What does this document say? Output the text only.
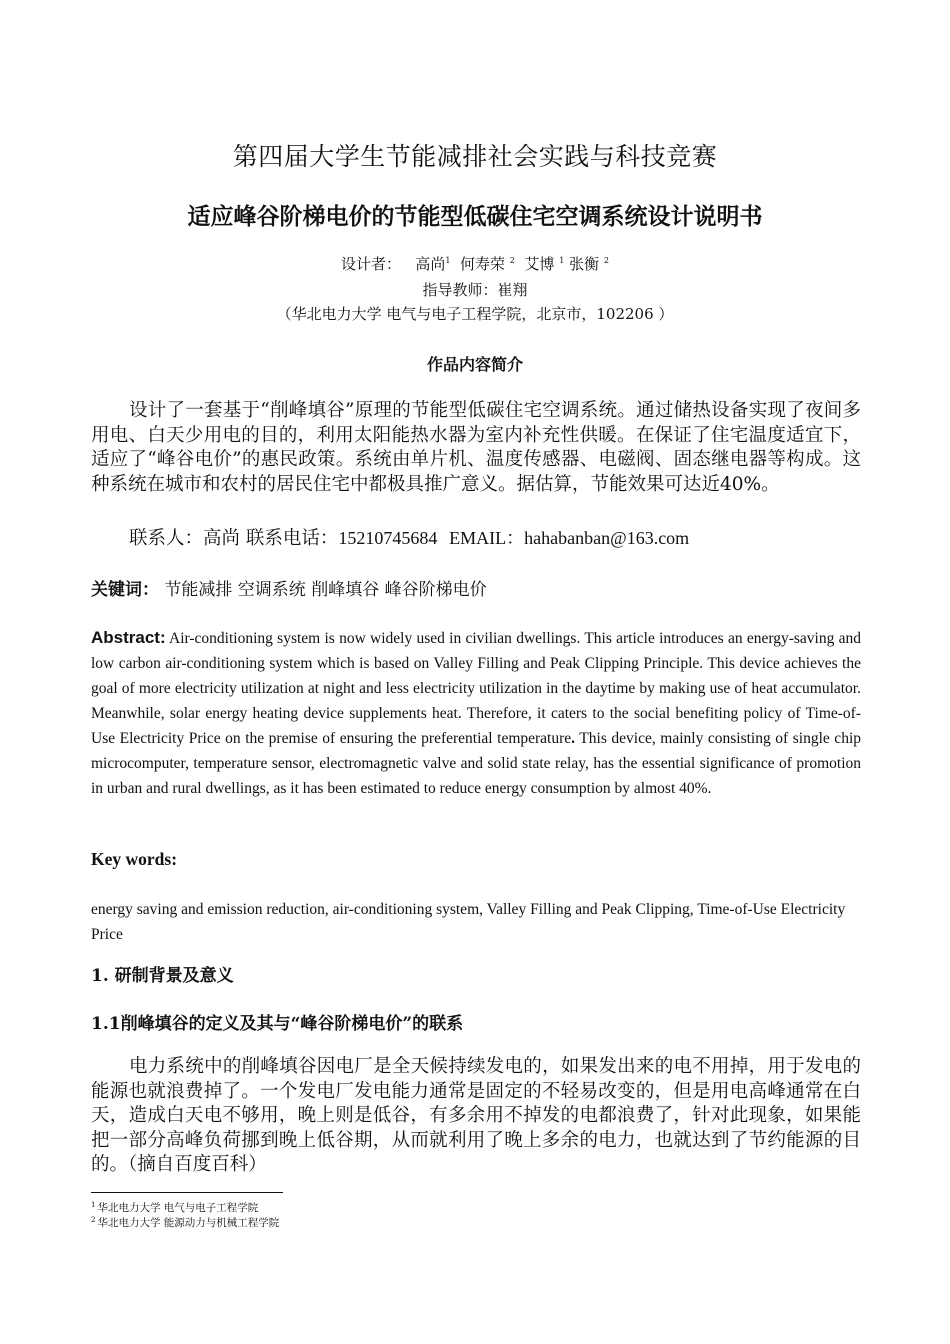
第四届大学生节能减排社会实践与科技竞赛
适应峰谷阶梯电价的节能型低碳住宅空调系统设计说明书
设计者： 高尚$^1$ 何寿荣 $^2$ 艾博 $^1$ 张衡 $^2$
指导教师：崔翔
（华北电力大学 电气与电子工程学院，北京市，102206 ）
作品内容简介
设计了一套基于“削峰填谷”原理的节能型低碳住宅空调系统。通过储热设备实现了夜间多用电、白天少用电的目的，利用太阳能热水器为室内补充性供暖。在保证了住宅温度适宜下，适应了“峰谷电价”的惠民政策。系统由单片机、温度传感器、电磁阀、固态继电器等构成。这种系统在城市和农村的居民住宅中都极具推广意义。据估算，节能效果可达近40%。
联系人：高尚 联系电话：15210745684 EMAIL：hahabanban@163.com
关键词： 节能减排 空调系统 削峰填谷 峰谷阶梯电价
Abstract: Air-conditioning system is now widely used in civilian dwellings. This article introduces an energy-saving and low carbon air-conditioning system which is based on Valley Filling and Peak Clipping Principle. This device achieves the goal of more electricity utilization at night and less electricity utilization in the daytime by making use of heat accumulator. Meanwhile, solar energy heating device supplements heat. Therefore, it caters to the social benefiting policy of Time-of-Use Electricity Price on the premise of ensuring the preferential temperature. This device, mainly consisting of single chip microcomputer, temperature sensor, electromagnetic valve and solid state relay, has the essential significance of promotion in urban and rural dwellings, as it has been estimated to reduce energy consumption by almost 40%.
Key words:
energy saving and emission reduction, air-conditioning system, Valley Filling and Peak Clipping, Time-of-Use Electricity Price
1. 研制背景及意义
1.1削峰填谷的定义及其与“峰谷阶梯电价”的联系
电力系统中的削峰填谷因电厂是全天候持续发电的，如果发出来的电不用掉，用于发电的能源也就浪费掉了。一个发电厂发电能力通常是固定的不轻易改变的，但是用电高峰通常在白天，造成白天电不够用，晚上则是低谷，有多余用不掉发的电都浪费了，针对此现象，如果能把一部分高峰负荷挪到晚上低谷期，从而就利用了晚上多余的电力，也就达到了节约能源的目的。（摘自百度百科）
$^1$ 华北电力大学 电气与电子工程学院
$^2$ 华北电力大学 能源动力与机械工程学院
